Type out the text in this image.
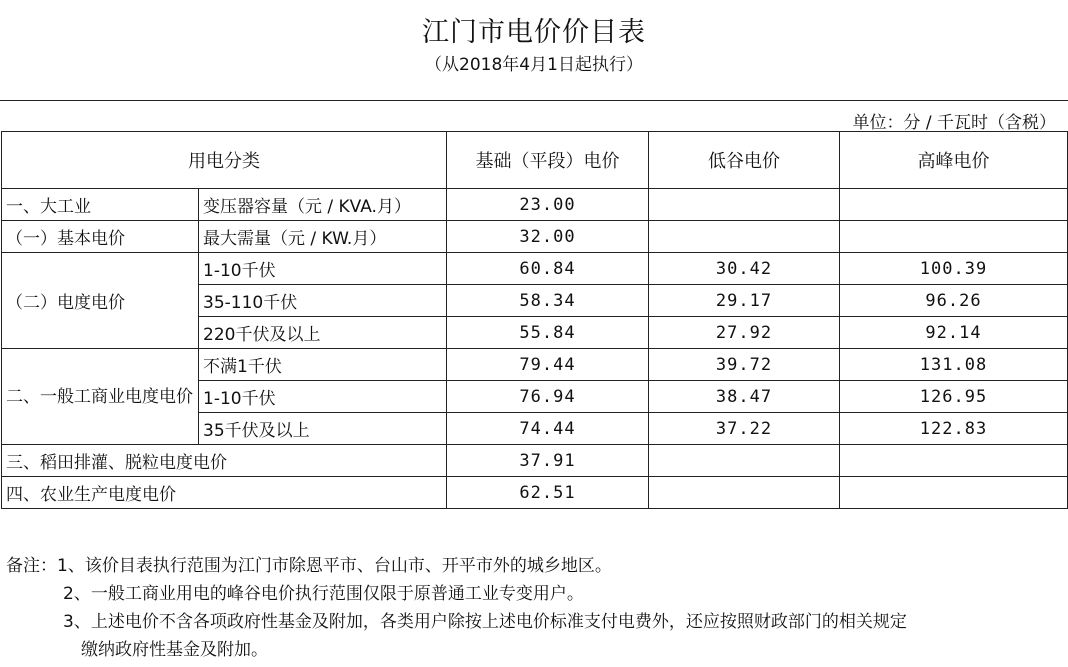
江门市电价价目表
（从2018年4月1日起执行）
单位：分 / 千瓦时（含税）
用电分类		基础（平段）电价	低谷电价	高峰电价
一、大工业	变压器容量（元 / KVA.月）	23.00		
（一）基本电价	最大需量（元 / KW.月）	32.00		
（二）电度电价	1-10千伏	60.84	30.42	100.39
	35-110千伏	58.34	29.17	96.26
	220千伏及以上	55.84	27.92	92.14
二、一般工商业电度电价	不满1千伏	79.44	39.72	131.08
	1-10千伏	76.94	38.47	126.95
	35千伏及以上	74.44	37.22	122.83
三、稻田排灌、脱粒电度电价		37.91		
四、农业生产电度电价		62.51		
备注：1、该价目表执行范围为江门市除恩平市、台山市、开平市外的城乡地区。
2、一般工商业用电的峰谷电价执行范围仅限于原普通工业专变用户。
3、上述电价不含各项政府性基金及附加，各类用户除按上述电价标准支付电费外，还应按照财政部门的相关规定
缴纳政府性基金及附加。
